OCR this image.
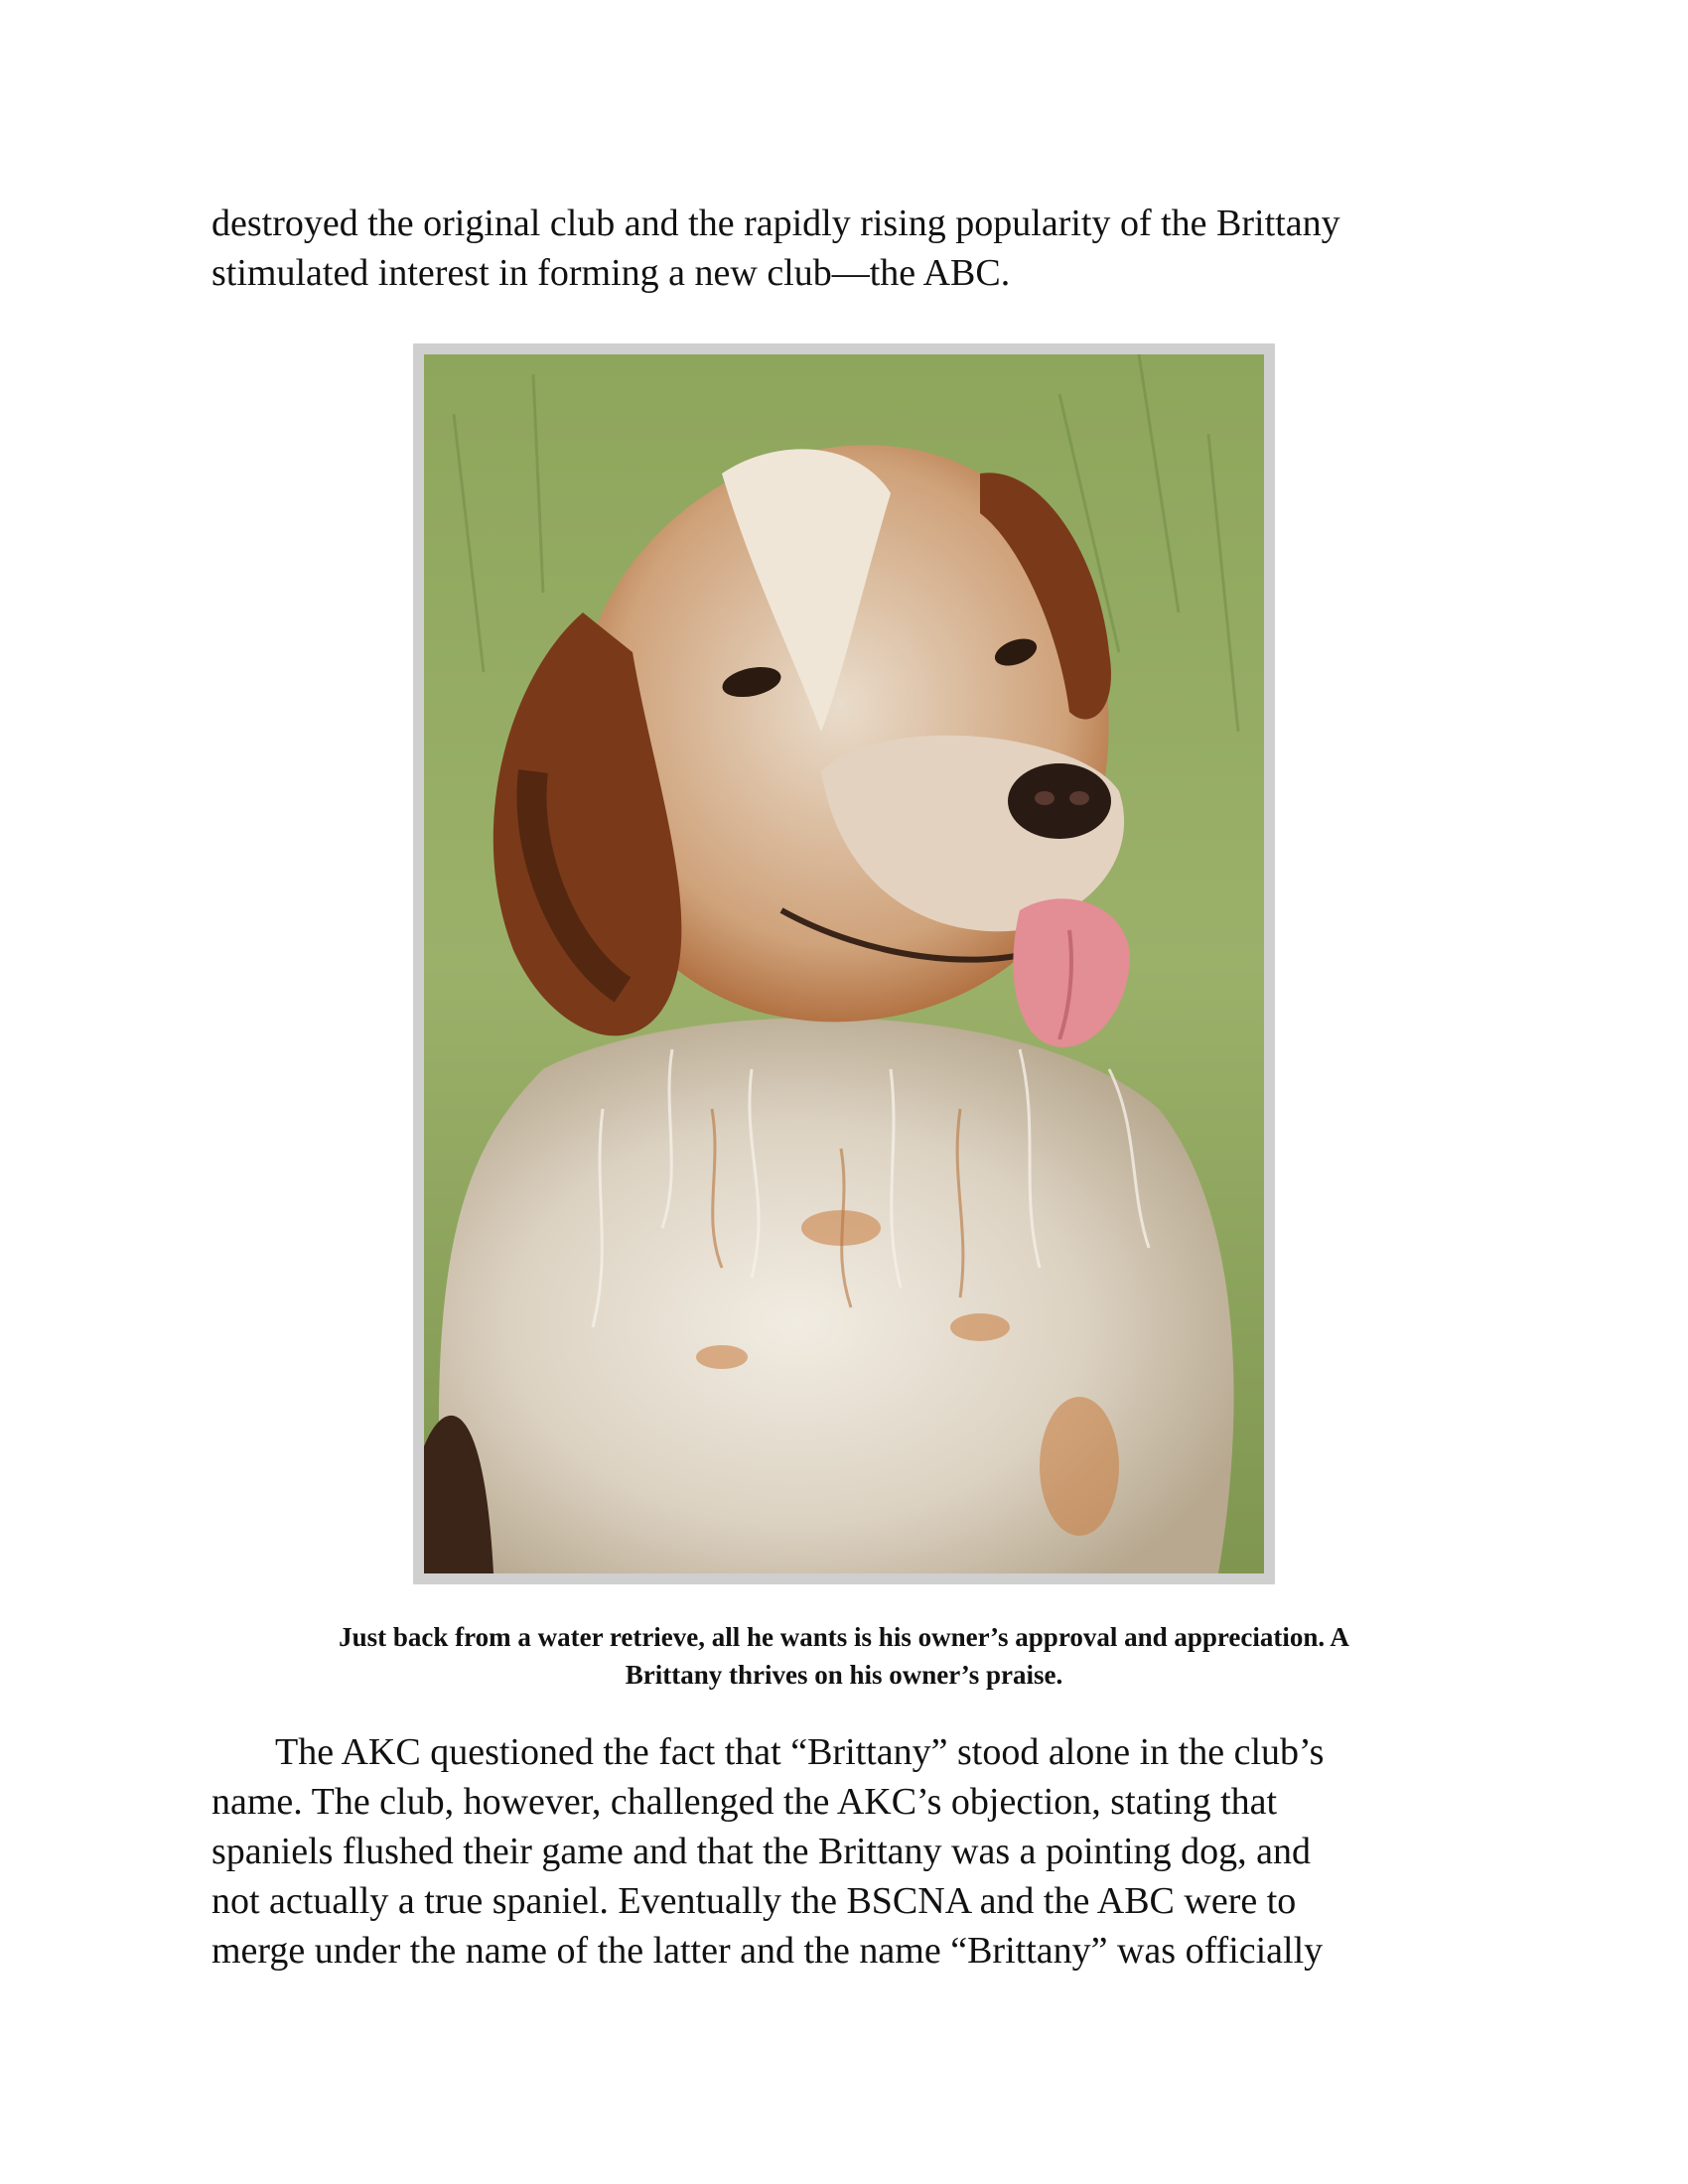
destroyed the original club and the rapidly rising popularity of the Brittany
stimulated interest in forming a new club—the ABC.
Just back from a water retrieve, all he wants is his owner’s approval and appreciation. A
Brittany thrives on his owner’s praise.
The AKC questioned the fact that “Brittany” stood alone in the club’s
name. The club, however, challenged the AKC’s objection, stating that
spaniels flushed their game and that the Brittany was a pointing dog, and
not actually a true spaniel. Eventually the BSCNA and the ABC were to
merge under the name of the latter and the name “Brittany” was officially
